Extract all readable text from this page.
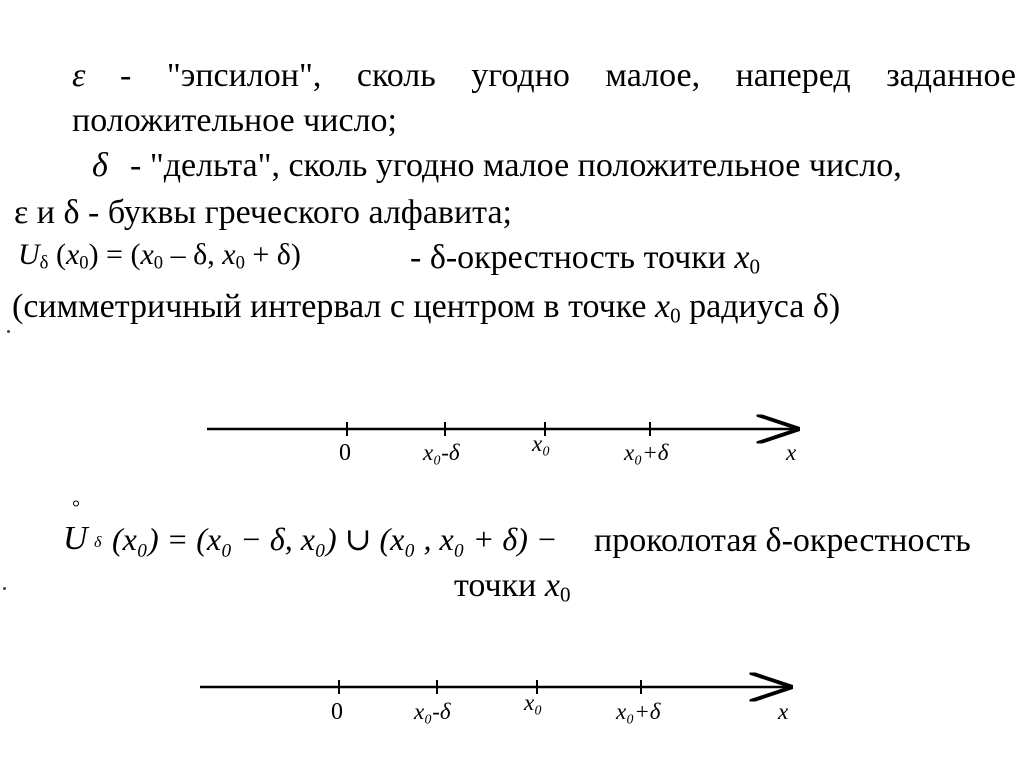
ε - "эпсилон", сколь угодно малое, наперед заданное
положительное число;
δ - "дельта", сколь угодно малое положительное число,
ε и δ - буквы греческого алфавита;
$U_\delta$ $(x_0) = (x_0 - \delta$, $x_0 + \delta$)	- δ-окрестность точки $x_0$
(симметричный интервал с центром в точке $x_0$ радиуса δ)
0	x₀-δ	x₀	x₀+δ	x
°
U δ (x₀) = (x₀ − δ, x₀) ∪ (x₀ , x₀ + δ) − проколотая δ-окрестность
точки $x_0$
0	x₀-δ	x₀	x₀+δ	x
